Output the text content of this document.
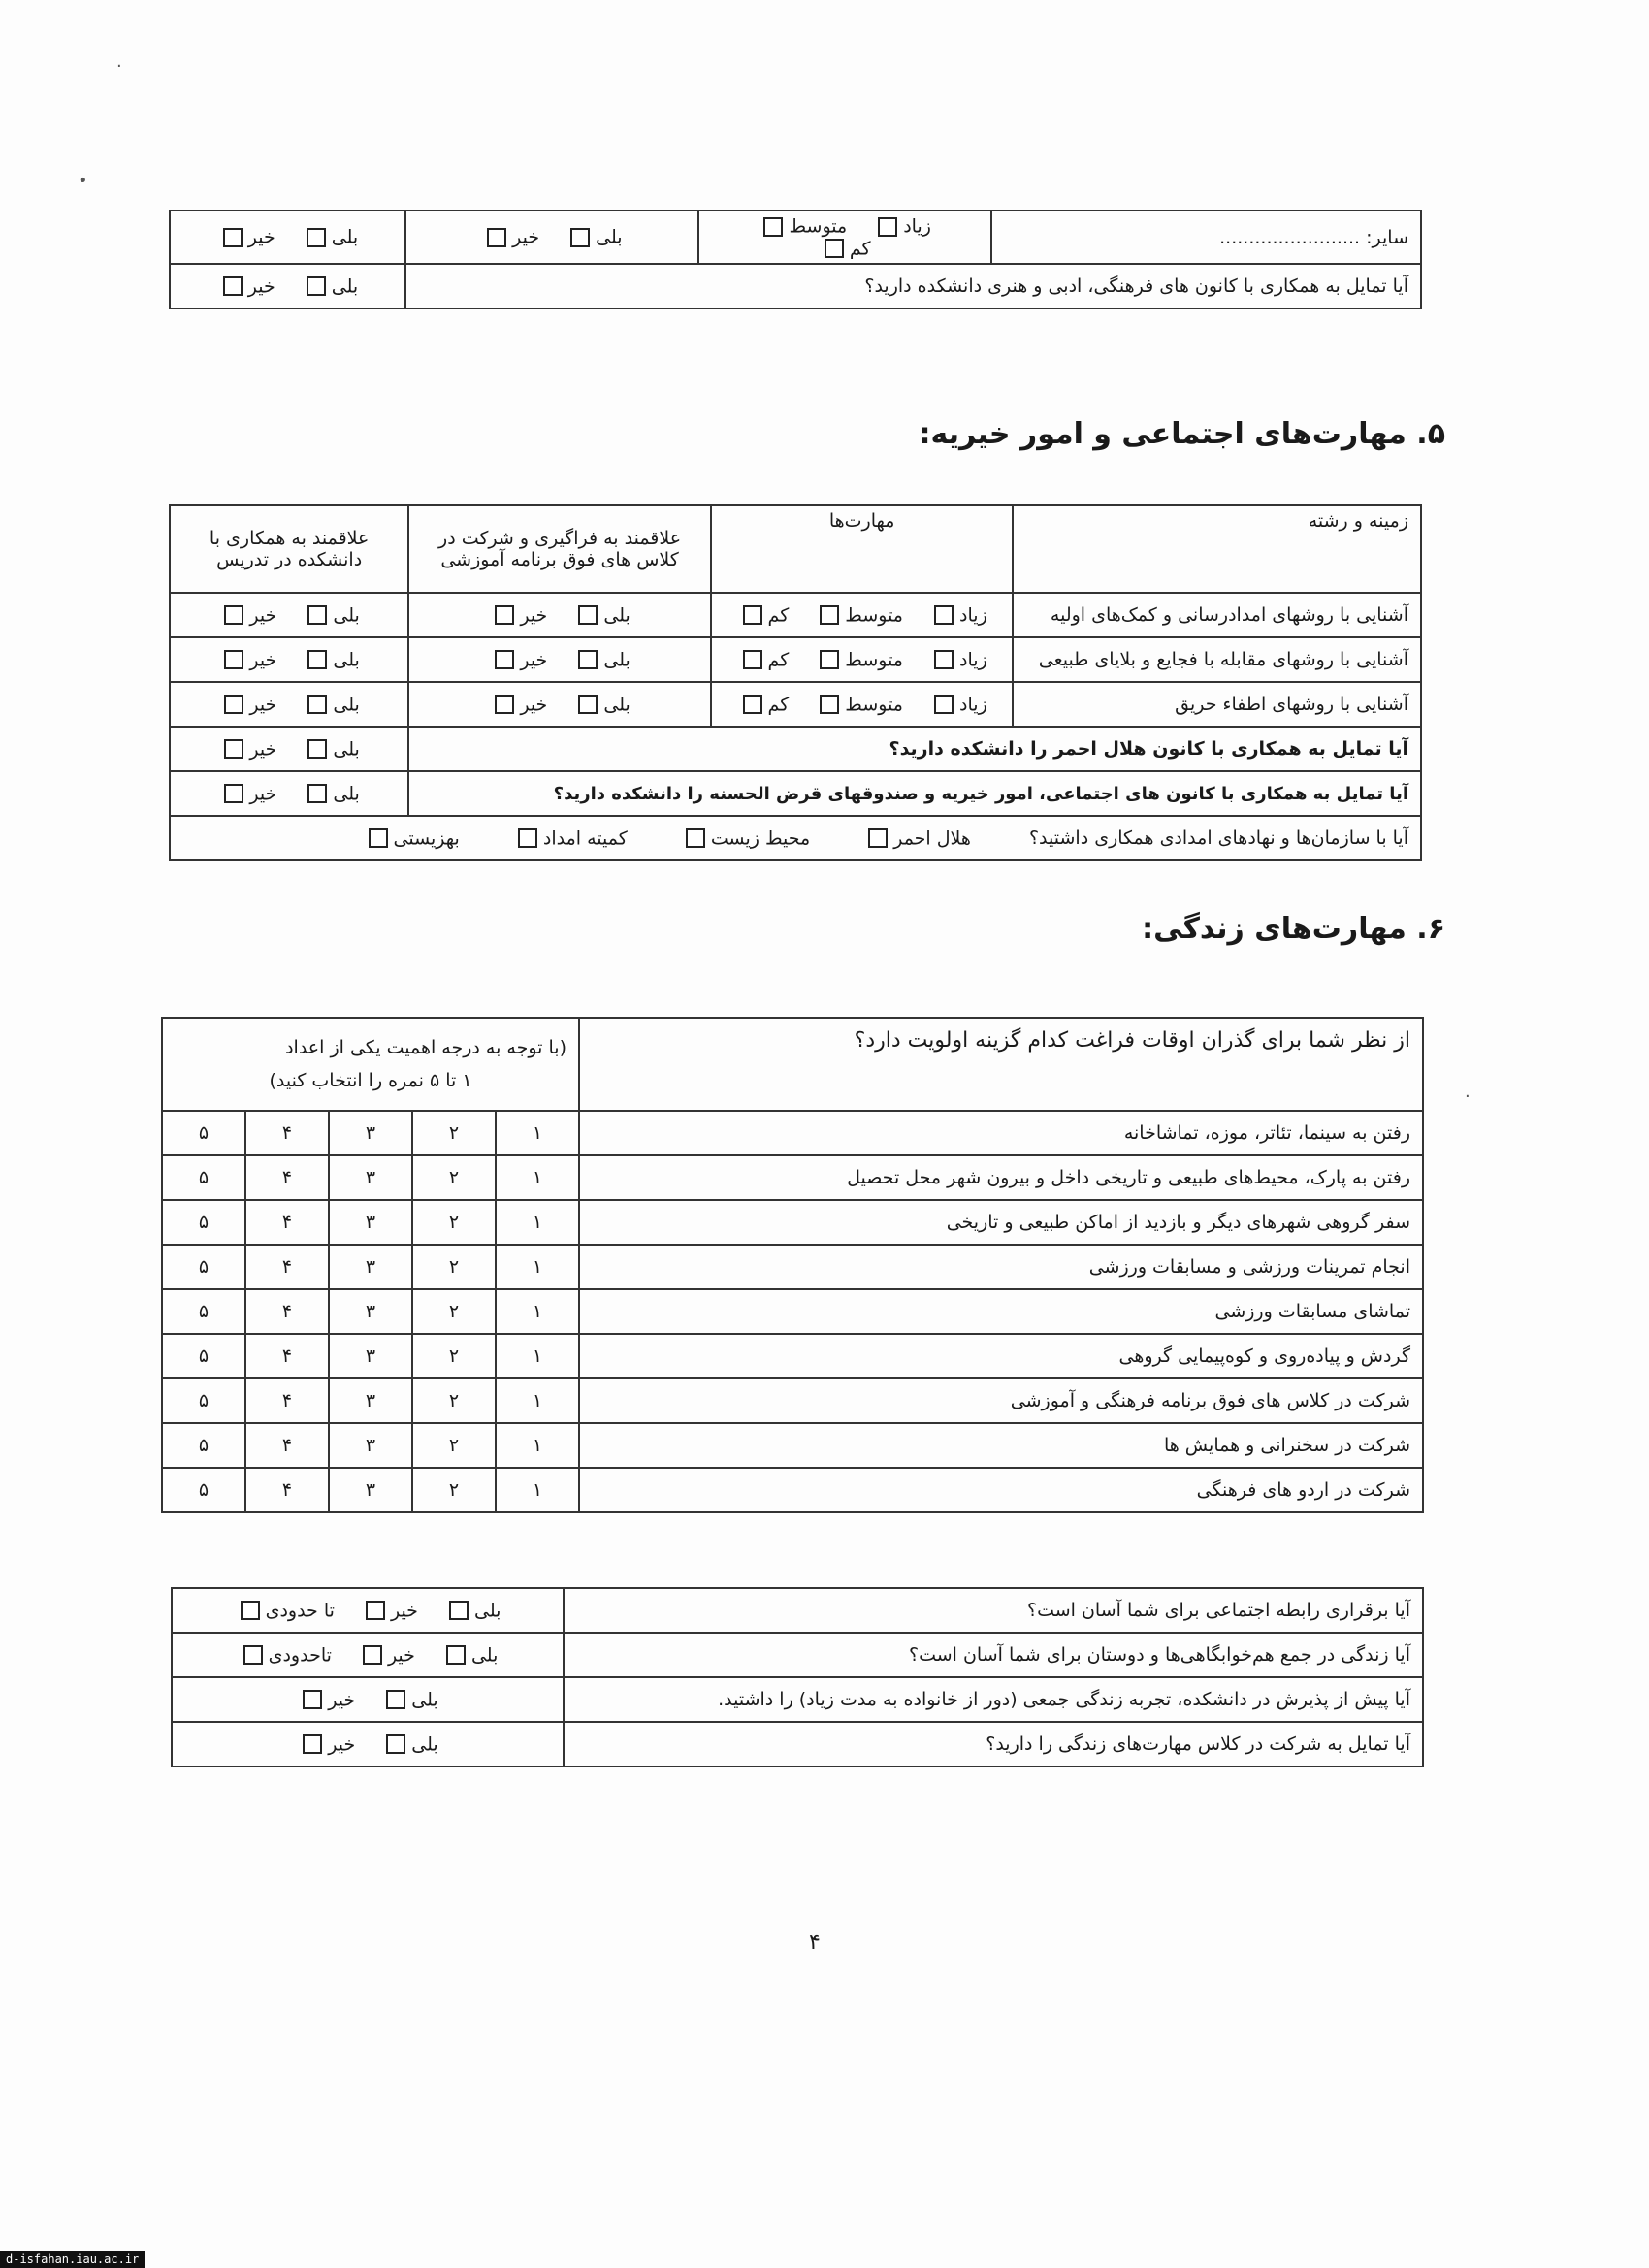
سایر: ........................	زیاد متوسط کم	بلی خیر	بلی خیر
آیا تمایل به همکاری با کانون های فرهنگی، ادبی و هنری دانشکده دارید؟			بلی خیر
۵. مهارت‌های اجتماعی و امور خیریه:
زمینه و رشته	مهارت‌ها	علاقمند به فراگیری و شرکت در کلاس های فوق برنامه آموزشی	علاقمند به همکاری با دانشکده در تدریس
آشنایی با روشهای امدادرسانی و کمک‌های اولیه	زیاد متوسط کم	بلی خیر	بلی خیر
آشنایی با روشهای مقابله با فجایع و بلایای طبیعی	زیاد متوسط کم	بلی خیر	بلی خیر
آشنایی با روشهای اطفاء حریق	زیاد متوسط کم	بلی خیر	بلی خیر
آیا تمایل به همکاری با کانون هلال احمر را دانشکده دارید؟			بلی خیر
آیا تمایل به همکاری با کانون های اجتماعی، امور خیریه و صندوقهای قرض الحسنه را دانشکده دارید؟			بلی خیر
آیا با سازمان‌ها و نهادهای امدادی همکاری داشتید؟ هلال احمر محیط زیست کمیته امداد بهزیستی			
۶. مهارت‌های زندگی:
از نظر شما برای گذران اوقات فراغت کدام گزینه اولویت دارد؟	(با توجه به درجه اهمیت یکی از اعداد
۱ تا ۵ نمره را انتخاب کنید)				

رفتن به سینما، تئاتر، موزه، تماشاخانه	۱	۲	۳	۴	۵
رفتن به پارک، محیط‌های طبیعی و تاریخی داخل و بیرون شهر محل تحصیل	۱	۲	۳	۴	۵
سفر گروهی شهرهای دیگر و بازدید از اماکن طبیعی و تاریخی	۱	۲	۳	۴	۵
انجام تمرینات ورزشی و مسابقات ورزشی	۱	۲	۳	۴	۵
تماشای مسابقات ورزشی	۱	۲	۳	۴	۵
گردش و پیاده‌روی و کوه‌پیمایی گروهی	۱	۲	۳	۴	۵
شرکت در کلاس های فوق برنامه فرهنگی و آموزشی	۱	۲	۳	۴	۵
شرکت در سخنرانی و همایش ها	۱	۲	۳	۴	۵
شرکت در اردو های فرهنگی	۱	۲	۳	۴	۵
آیا برقراری رابطه اجتماعی برای شما آسان است؟	بلی خیر تا حدودی
آیا زندگی در جمع هم‌خوابگاهی‌ها و دوستان برای شما آسان است؟	بلی خیر تاحدودی
آیا پیش از پذیرش در دانشکده، تجربه زندگی جمعی (دور از خانواده به مدت زیاد) را داشتید.	بلی خیر
آیا تمایل به شرکت در کلاس مهارت‌های زندگی را دارید؟	بلی خیر
·
•
·
۴
d-isfahan.iau.ac.ir
